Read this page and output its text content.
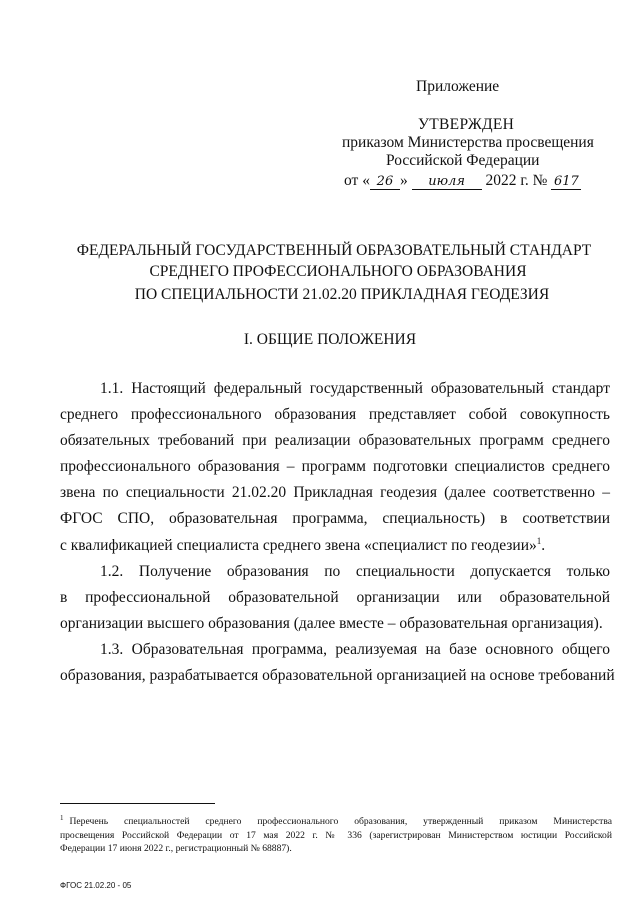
Приложение
УТВЕРЖДЕН
приказом Министерства просвещения
Российской Федерации
от « 26 » июля 2022 г. № 617
ФЕДЕРАЛЬНЫЙ ГОСУДАРСТВЕННЫЙ ОБРАЗОВАТЕЛЬНЫЙ СТАНДАРТ
СРЕДНЕГО ПРОФЕССИОНАЛЬНОГО ОБРАЗОВАНИЯ
ПО СПЕЦИАЛЬНОСТИ 21.02.20 ПРИКЛАДНАЯ ГЕОДЕЗИЯ
I. ОБЩИЕ ПОЛОЖЕНИЯ
1.1. Настоящий федеральный государственный образовательный стандарт
среднего профессионального образования представляет собой совокупность
обязательных требований при реализации образовательных программ среднего
профессионального образования – программ подготовки специалистов среднего
звена по специальности 21.02.20 Прикладная геодезия (далее соответственно –
ФГОС СПО, образовательная программа, специальность) в соответствии
с квалификацией специалиста среднего звена «специалист по геодезии»$^1$.
1.2. Получение образования по специальности допускается только
в профессиональной образовательной организации или образовательной
организации высшего образования (далее вместе – образовательная организация).
1.3. Образовательная программа, реализуемая на базе основного общего
образования, разрабатывается образовательной организацией на основе требований
$^1$ Перечень специальностей среднего профессионального образования, утвержденный приказом Министерства
просвещения Российской Федерации от 17 мая 2022 г. № 336 (зарегистрирован Министерством юстиции Российской
Федерации 17 июня 2022 г., регистрационный № 68887).
ФГОС 21.02.20 - 05
